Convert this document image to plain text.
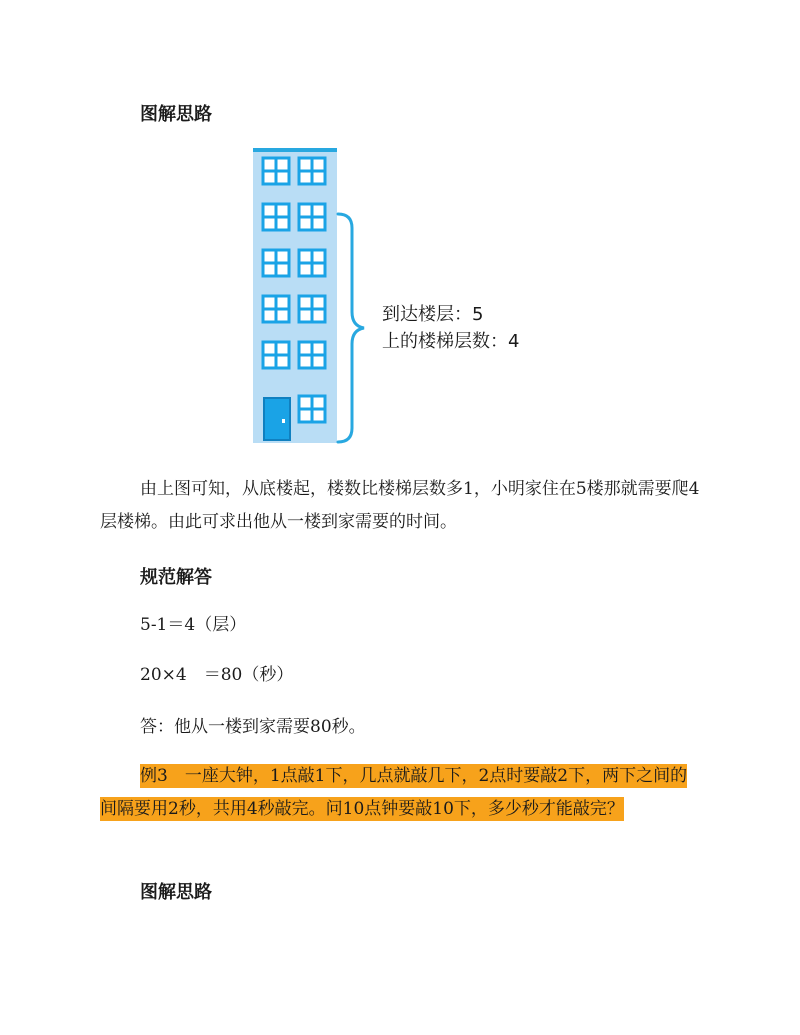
图解思路
到达楼层：5
上的楼梯层数：4
由上图可知，从底楼起，楼数比楼梯层数多1，小明家住在5楼那就需要爬4层楼梯。由此可求出他从一楼到家需要的时间。
规范解答
5-1＝4（层）
20×4　＝80（秒）
答：他从一楼到家需要80秒。
例3　一座大钟，1点敲1下，几点就敲几下，2点时要敲2下，两下之间的间隔要用2秒，共用4秒敲完。问10点钟要敲10下，多少秒才能敲完？
图解思路
